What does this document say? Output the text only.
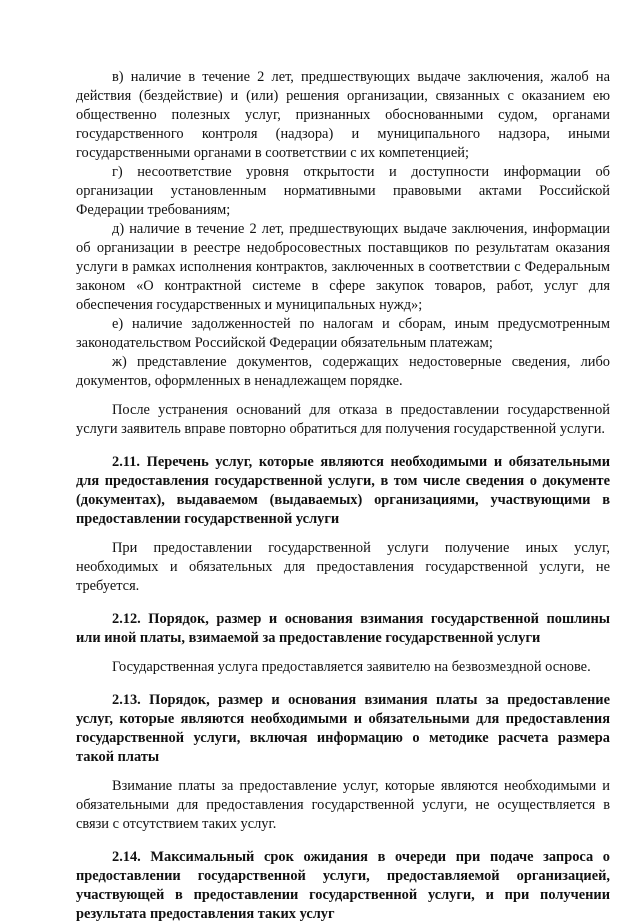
в) наличие в течение 2 лет, предшествующих выдаче заключения, жалоб на действия (бездействие) и (или) решения организации, связанных с оказанием ею общественно полезных услуг, признанных обоснованными судом, органами государственного контроля (надзора) и муниципального надзора, иными государственными органами в соответствии с их компетенцией;

г) несоответствие уровня открытости и доступности информации об организации установленным нормативными правовыми актами Российской Федерации требованиям;

д) наличие в течение 2 лет, предшествующих выдаче заключения, информации об организации в реестре недобросовестных поставщиков по результатам оказания услуги в рамках исполнения контрактов, заключенных в соответствии с Федеральным законом «О контрактной системе в сфере закупок товаров, работ, услуг для обеспечения государственных и муниципальных нужд»;

е) наличие задолженностей по налогам и сборам, иным предусмотренным законодательством Российской Федерации обязательным платежам;

ж) представление документов, содержащих недостоверные сведения, либо документов, оформленных в ненадлежащем порядке.

После устранения оснований для отказа в предоставлении государственной услуги заявитель вправе повторно обратиться для получения государственной услуги.

2.11. Перечень услуг, которые являются необходимыми и обязательными для предоставления государственной услуги, в том числе сведения о документе (документах), выдаваемом (выдаваемых) организациями, участвующими в предоставлении государственной услуги

При предоставлении государственной услуги получение иных услуг, необходимых и обязательных для предоставления государственной услуги, не требуется.

2.12. Порядок, размер и основания взимания государственной пошлины или иной платы, взимаемой за предоставление государственной услуги

Государственная услуга предоставляется заявителю на безвозмездной основе.

2.13. Порядок, размер и основания взимания платы за предоставление услуг, которые являются необходимыми и обязательными для предоставления государственной услуги, включая информацию о методике расчета размера такой платы

Взимание платы за предоставление услуг, которые являются необходимыми и обязательными для предоставления государственной услуги, не осуществляется в связи с отсутствием таких услуг.

2.14. Максимальный срок ожидания в очереди при подаче запроса о предоставлении государственной услуги, предоставляемой организацией, участвующей в предоставлении государственной услуги, и при получении результата предоставления таких услуг
